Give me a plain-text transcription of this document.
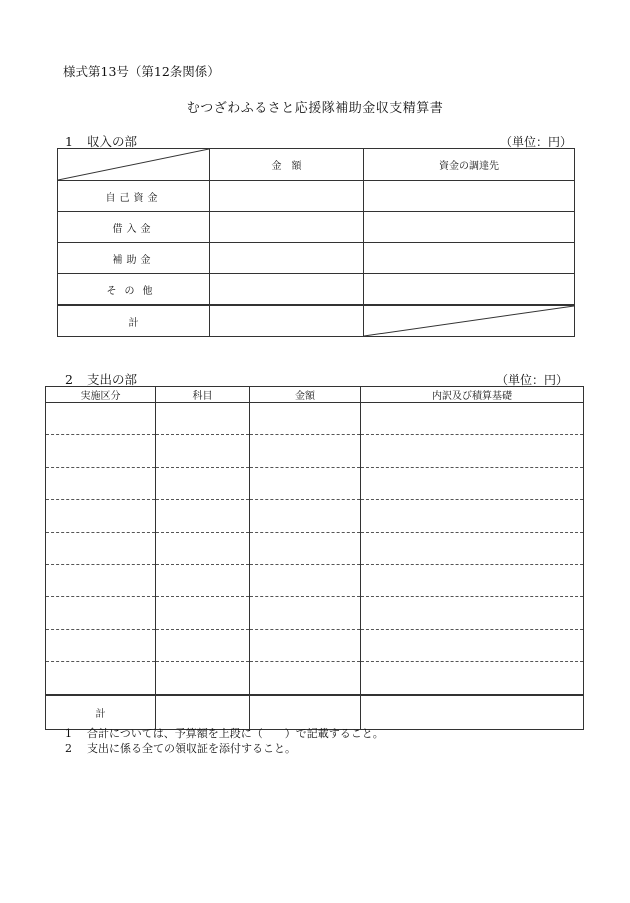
様式第13号（第12条関係）
むつざわふるさと応援隊補助金収支精算書
1 収入の部	（単位：円）
	金　額	資金の調達先
自己資金		
借入金		
補助金		
その他		
計		
2 支出の部	（単位：円）
実施区分	科目	金額	内訳及び積算基礎

計			
1 合計については、予算額を上段に（　　）で記載すること。
2 支出に係る全ての領収証を添付すること。
